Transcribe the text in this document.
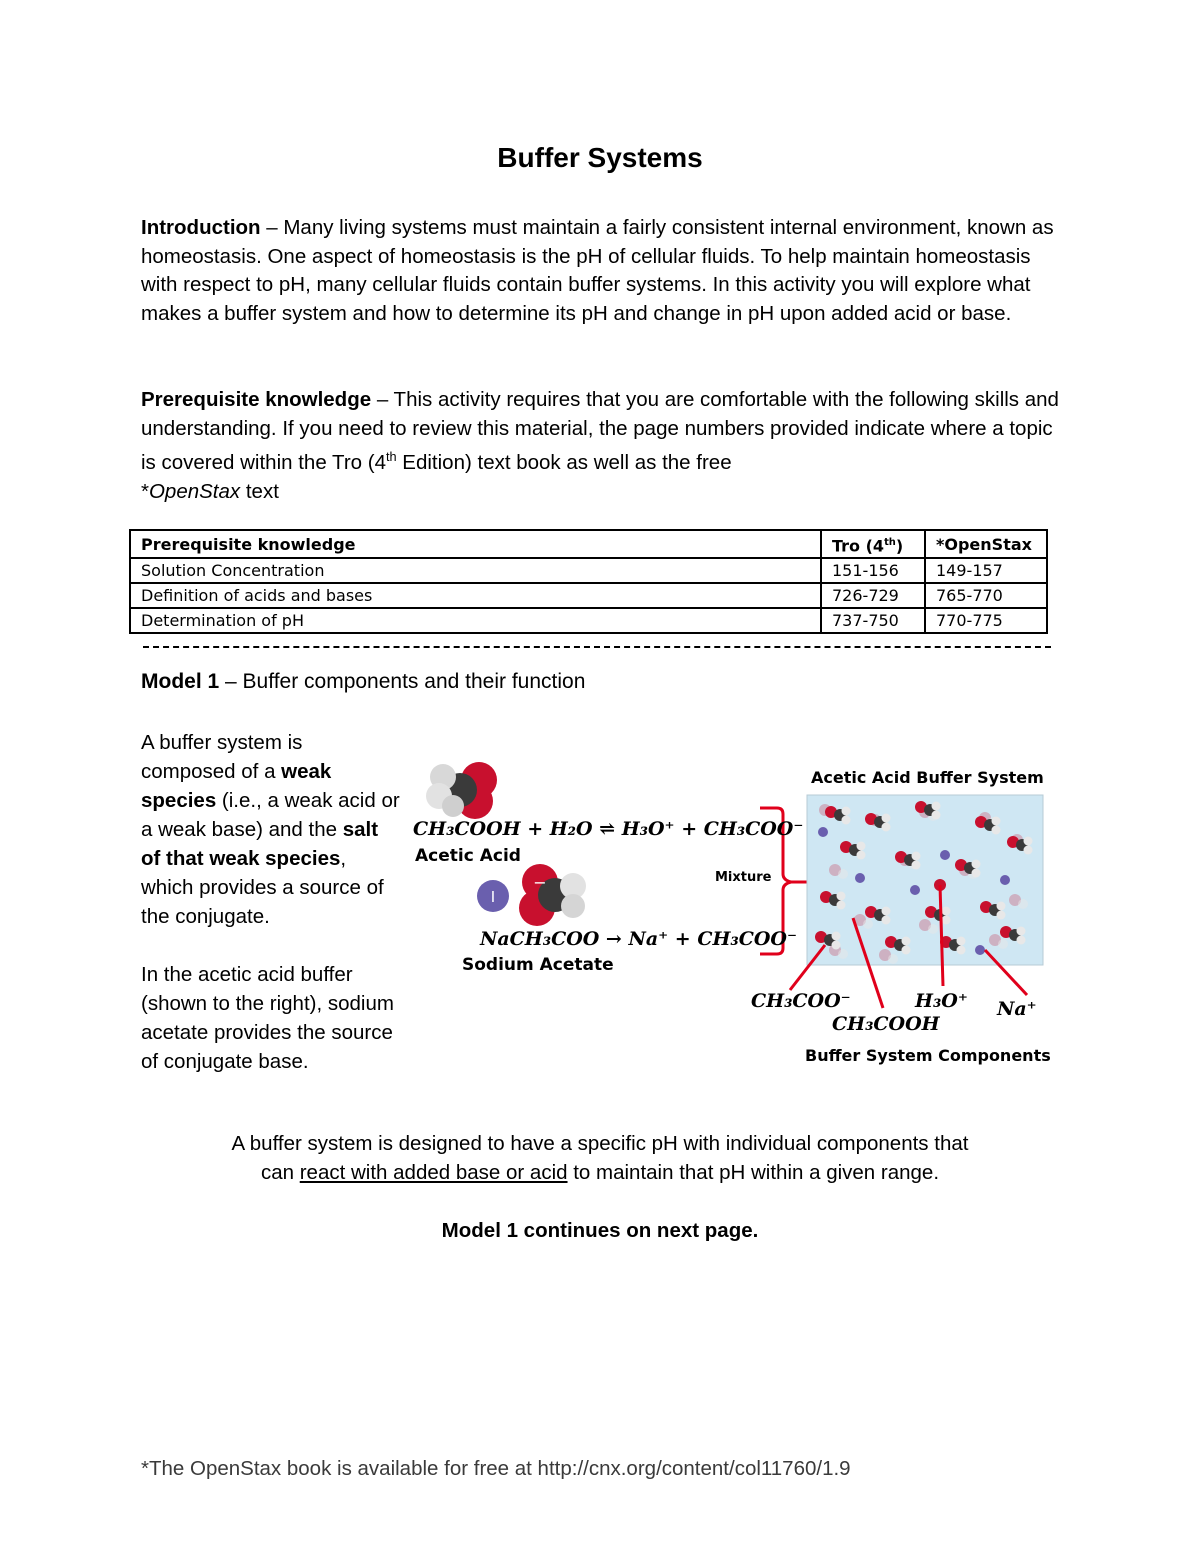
Buffer Systems
Introduction – Many living systems must maintain a fairly consistent internal environment, known as homeostasis. One aspect of homeostasis is the pH of cellular fluids. To help maintain homeostasis with respect to pH, many cellular fluids contain buffer systems. In this activity you will explore what makes a buffer system and how to determine its pH and change in pH upon added acid or base.
Prerequisite knowledge – This activity requires that you are comfortable with the following skills and understanding. If you need to review this material, the page numbers provided indicate where a topic is covered within the Tro (4th Edition) text book as well as the free
*OpenStax text
Prerequisite knowledge	Tro (4th)	*OpenStax
Solution Concentration	151-156	149-157
Definition of acids and bases	726-729	765-770
Determination of pH	737-750	770-775
Model 1 – Buffer components and their function

A buffer system is composed of a weak species (i.e., a weak acid or a weak base) and the salt of that weak species, which provides a source of the conjugate.

In the acetic acid buffer (shown to the right), sodium acetate provides the source of conjugate base.

I
−
CH₃COOH + H₂O ⇌ H₃O⁺ + CH₃COO⁻
Acetic Acid
NaCH₃COO → Na⁺ + CH₃COO⁻
Sodium Acetate
Mixture
Acetic Acid Buffer System
CH₃COO⁻
CH₃COOH
H₃O⁺ Na⁺
Buffer System Components
A buffer system is designed to have a specific pH with individual components that
can react with added base or acid to maintain that pH within a given range.
Model 1 continues on next page.
*The OpenStax book is available for free at http://cnx.org/content/col11760/1.9
